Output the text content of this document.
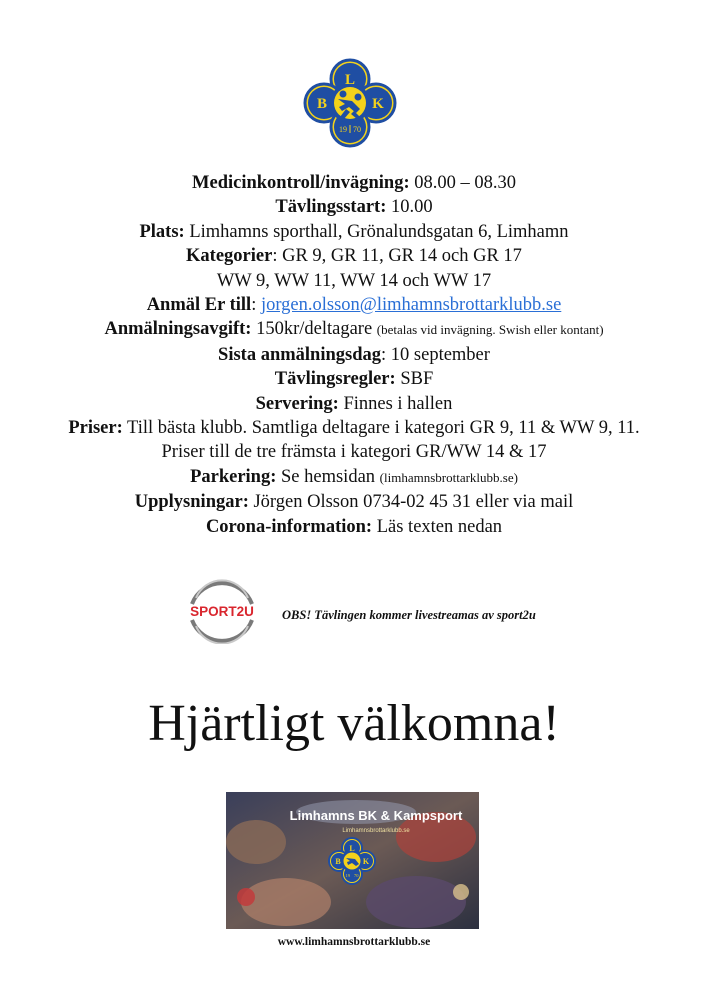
L
B	K
19 70
Medicinkontroll/invägning: 08.00 – 08.30
Tävlingsstart: 10.00
Plats: Limhamns sporthall, Grönalundsgatan 6, Limhamn
Kategorier: GR 9, GR 11, GR 14 och GR 17
WW 9, WW 11, WW 14 och WW 17
Anmäl Er till: jorgen.olsson@limhamnsbrottarklubb.se
Anmälningsavgift: 150kr/deltagare (betalas vid invägning. Swish eller kontant)
Sista anmälningsdag: 10 september
Tävlingsregler: SBF
Servering: Finnes i hallen
Priser: Till bästa klubb. Samtliga deltagare i kategori GR 9, 11 & WW 9, 11.
Priser till de tre främsta i kategori GR/WW 14 & 17
Parkering: Se hemsidan (limhamnsbrottarklubb.se)
Upplysningar: Jörgen Olsson 0734-02 45 31 eller via mail
Corona-information: Läs texten nedan
SPORT2U OBS! Tävlingen kommer livestreamas av sport2u
Hjärtligt välkomna!
Limhamns BK & Kampsport
Limhamnsbrottarklubb.se
L
B	K
19 70
www.limhamnsbrottarklubb.se
